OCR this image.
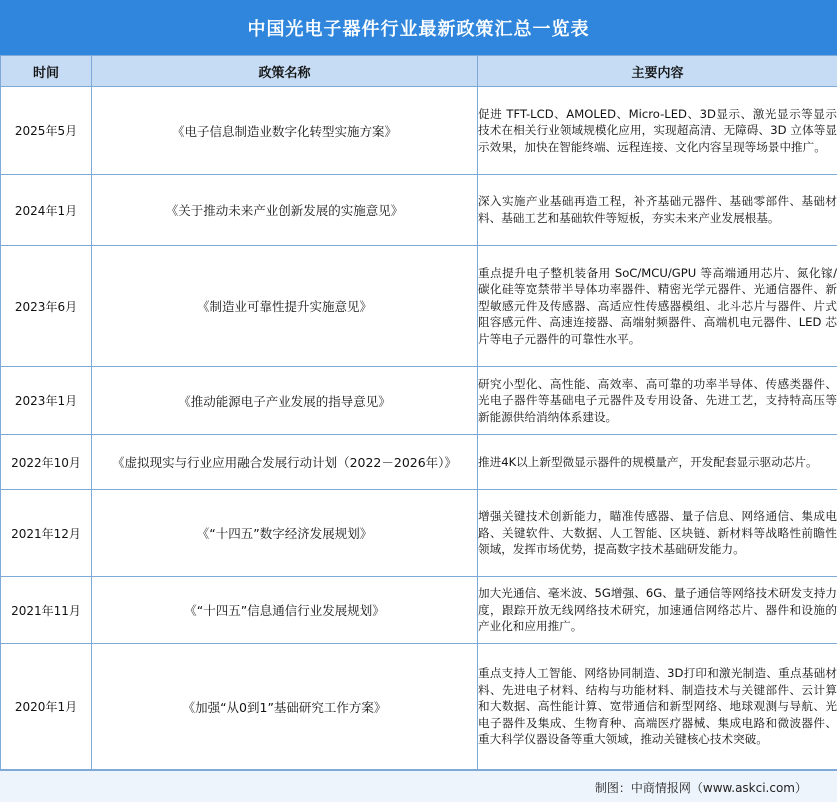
中国光电子器件行业最新政策汇总一览表
时间	政策名称	主要内容
2025年5月	《电子信息制造业数字化转型实施方案》	促进 TFT-LCD、AMOLED、Micro-LED、3D显示、激光显示等显示技术在相关行业领域规模化应用，实现超高清、无障碍、3D 立体等显示效果，加快在智能终端、远程连接、文化内容呈现等场景中推广。
2024年1月	《关于推动未来产业创新发展的实施意见》	深入实施产业基础再造工程，补齐基础元器件、基础零部件、基础材料、基础工艺和基础软件等短板，夯实未来产业发展根基。
2023年6月	《制造业可靠性提升实施意见》	重点提升电子整机装备用 SoC/MCU/GPU 等高端通用芯片、氮化镓/碳化硅等宽禁带半导体功率器件、精密光学元器件、光通信器件、新型敏感元件及传感器、高适应性传感器模组、北斗芯片与器件、片式阻容感元件、高速连接器、高端射频器件、高端机电元器件、LED 芯片等电子元器件的可靠性水平。
2023年1月	《推动能源电子产业发展的指导意见》	研究小型化、高性能、高效率、高可靠的功率半导体、传感类器件、光电子器件等基础电子元器件及专用设备、先进工艺，支持特高压等新能源供给消纳体系建设。
2022年10月	《虚拟现实与行业应用融合发展行动计划（2022－2026年）》	推进4K以上新型微显示器件的规模量产，开发配套显示驱动芯片。
2021年12月	《“十四五”数字经济发展规划》	增强关键技术创新能力，瞄准传感器、量子信息、网络通信、集成电路、关键软件、大数据、人工智能、区块链、新材料等战略性前瞻性领域，发挥市场优势，提高数字技术基础研发能力。
2021年11月	《“十四五”信息通信行业发展规划》	加大光通信、毫米波、5G增强、6G、量子通信等网络技术研发支持力度，跟踪开放无线网络技术研究，加速通信网络芯片、器件和设施的产业化和应用推广。
2020年1月	《加强“从0到1”基础研究工作方案》	重点支持人工智能、网络协同制造、3D打印和激光制造、重点基础材料、先进电子材料、结构与功能材料、制造技术与关键部件、云计算和大数据、高性能计算、宽带通信和新型网络、地球观测与导航、光电子器件及集成、生物育种、高端医疗器械、集成电路和微波器件、重大科学仪器设备等重大领域，推动关键核心技术突破。
制图：中商情报网（www.askci.com）
